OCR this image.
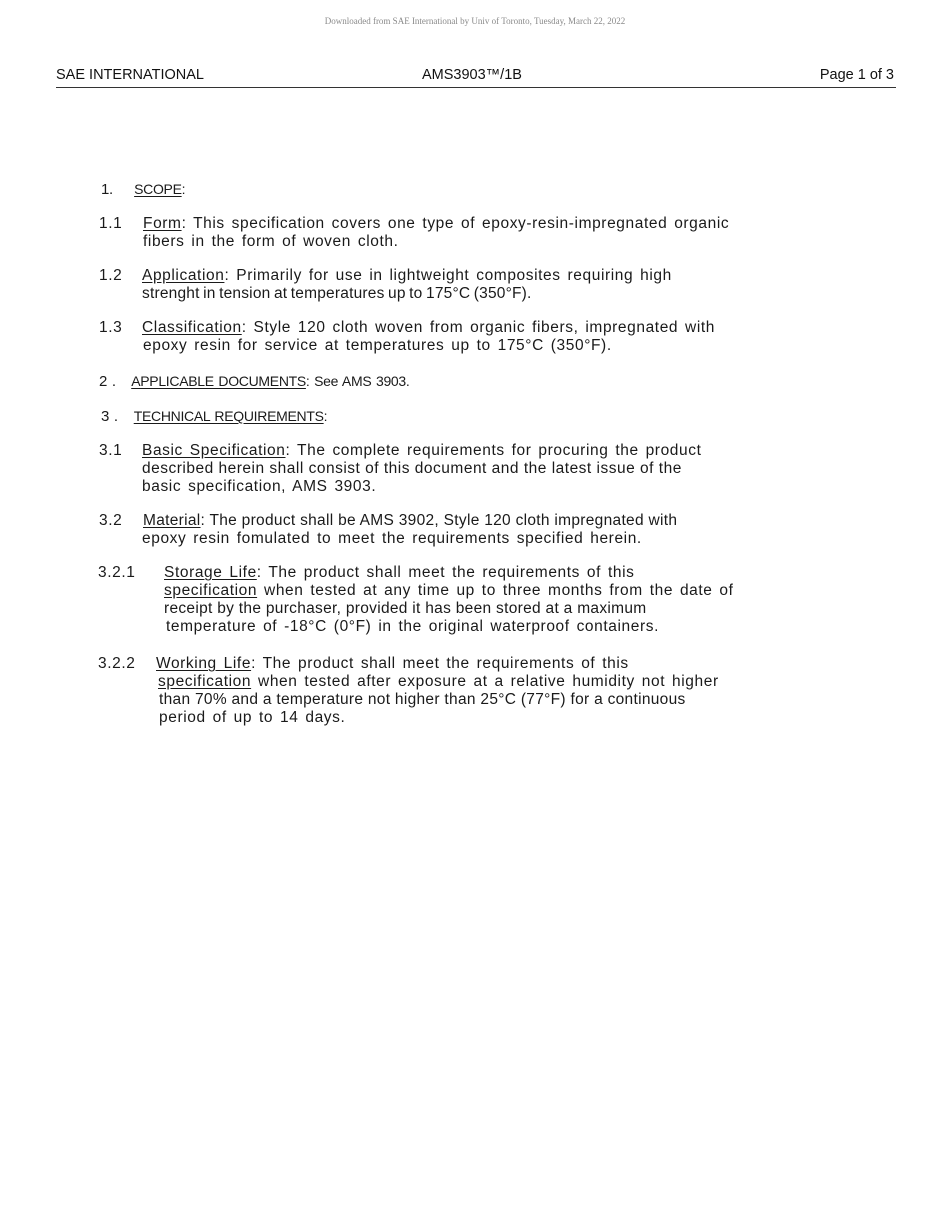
Downloaded from SAE International by Univ of Toronto, Tuesday, March 22, 2022
SAE INTERNATIONAL	AMS3903™/1B	Page 1 of 3
1. SCOPE:
1.1 Form: This specification covers one type of epoxy-resin-impregnated organic
fibers in the form of woven cloth.
1.2 Application: Primarily for use in lightweight composites requiring high
strenght in tension at temperatures up to 175°C (350°F).
1.3 Classification: Style 120 cloth woven from organic fibers, impregnated with
epoxy resin for service at temperatures up to 175°C (350°F).
2 . APPLICABLE DOCUMENTS: See AMS 3903.
3 . TECHNICAL REQUIREMENTS:
3.1 Basic Specification: The complete requirements for procuring the product
described herein shall consist of this document and the latest issue of the
basic specification, AMS 3903.
3.2 Material: The product shall be AMS 3902, Style 120 cloth impregnated with
epoxy resin fomulated to meet the requirements specified herein.
3.2.1 Storage Life: The product shall meet the requirements of this
specification when tested at any time up to three months from the date of
receipt by the purchaser, provided it has been stored at a maximum
temperature of -18°C (0°F) in the original waterproof containers.
3.2.2 Working Life: The product shall meet the requirements of this
specification when tested after exposure at a relative humidity not higher
than 70% and a temperature not higher than 25°C (77°F) for a continuous
period of up to 14 days.
